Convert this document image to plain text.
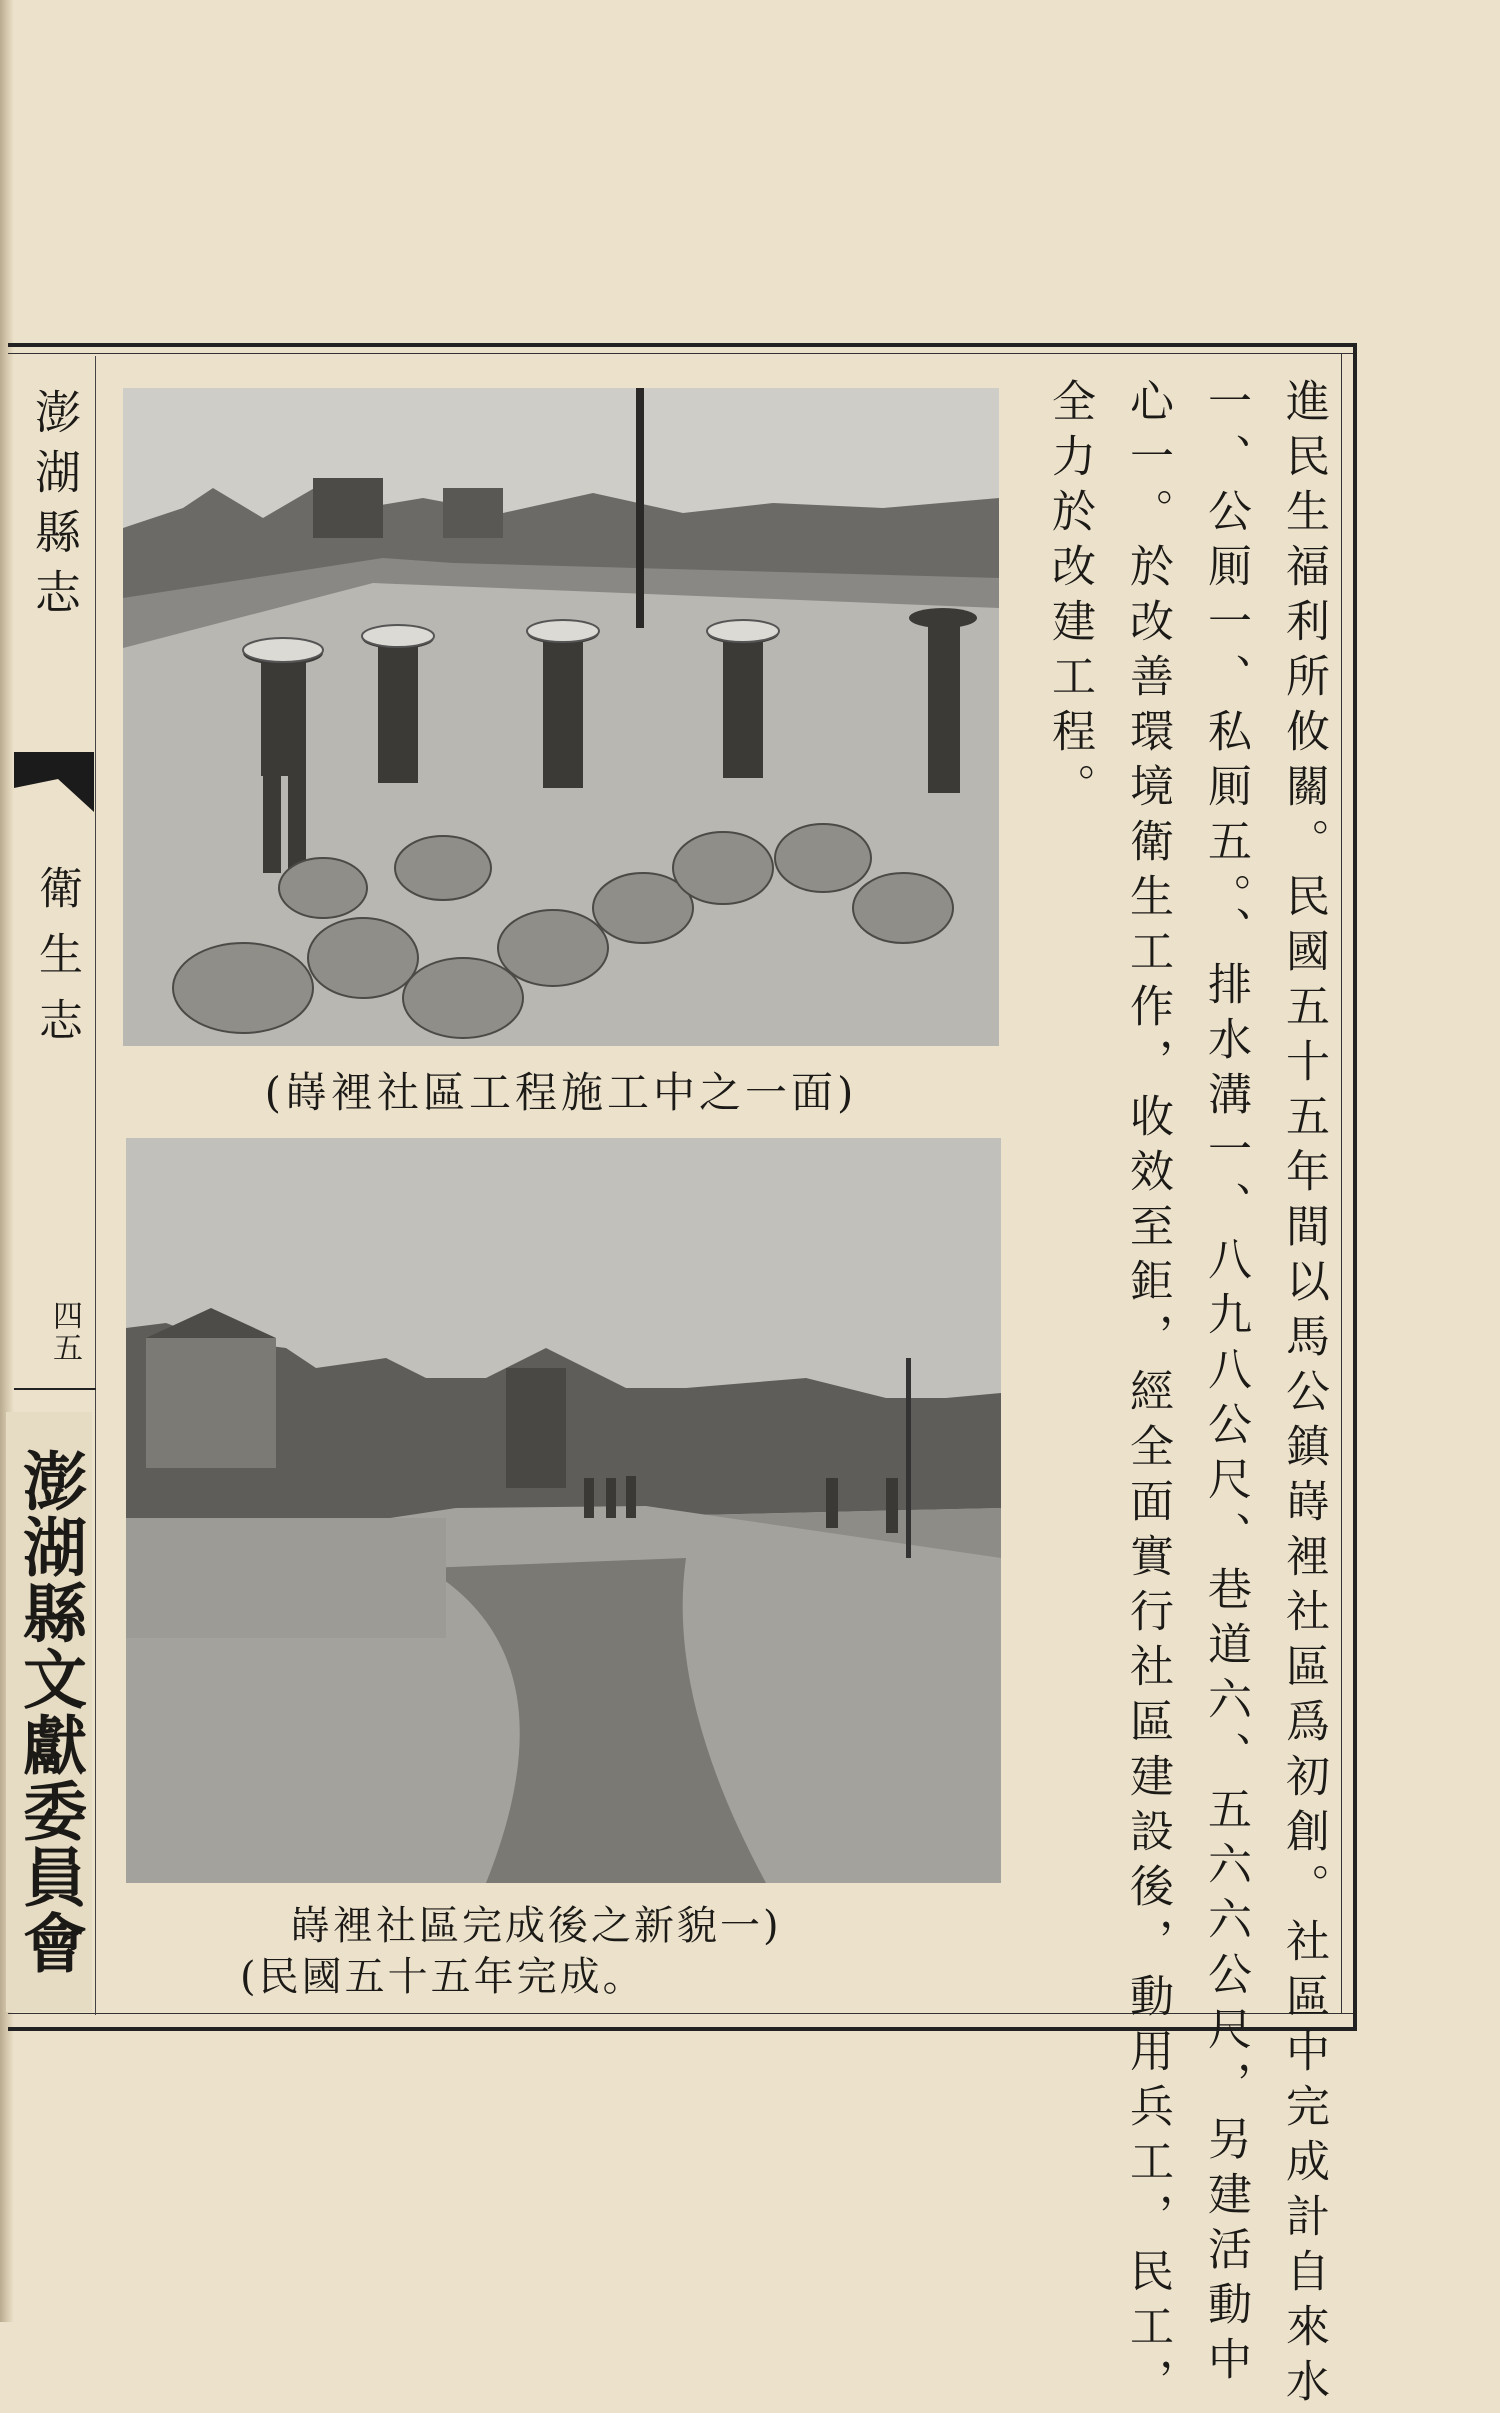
澎湖縣志
衛生志
四五
澎湖縣文獻委員會	進民生福利所攸關。民國五十五年間以馬公鎮嵵裡社區爲初創。社區中完成計自來水
一、公厠一、私厠五。、排水溝一、八九八公尺、巷道六、五六六公尺，另建活動中
心一。於改善環境衛生工作，收效至鉅，經全面實行社區建設後，動用兵工，民工，
全力於改建工程。
(嵵裡社區工程施工中之一面)
嵵裡社區完成後之新貌一)
(民國五十五年完成。
